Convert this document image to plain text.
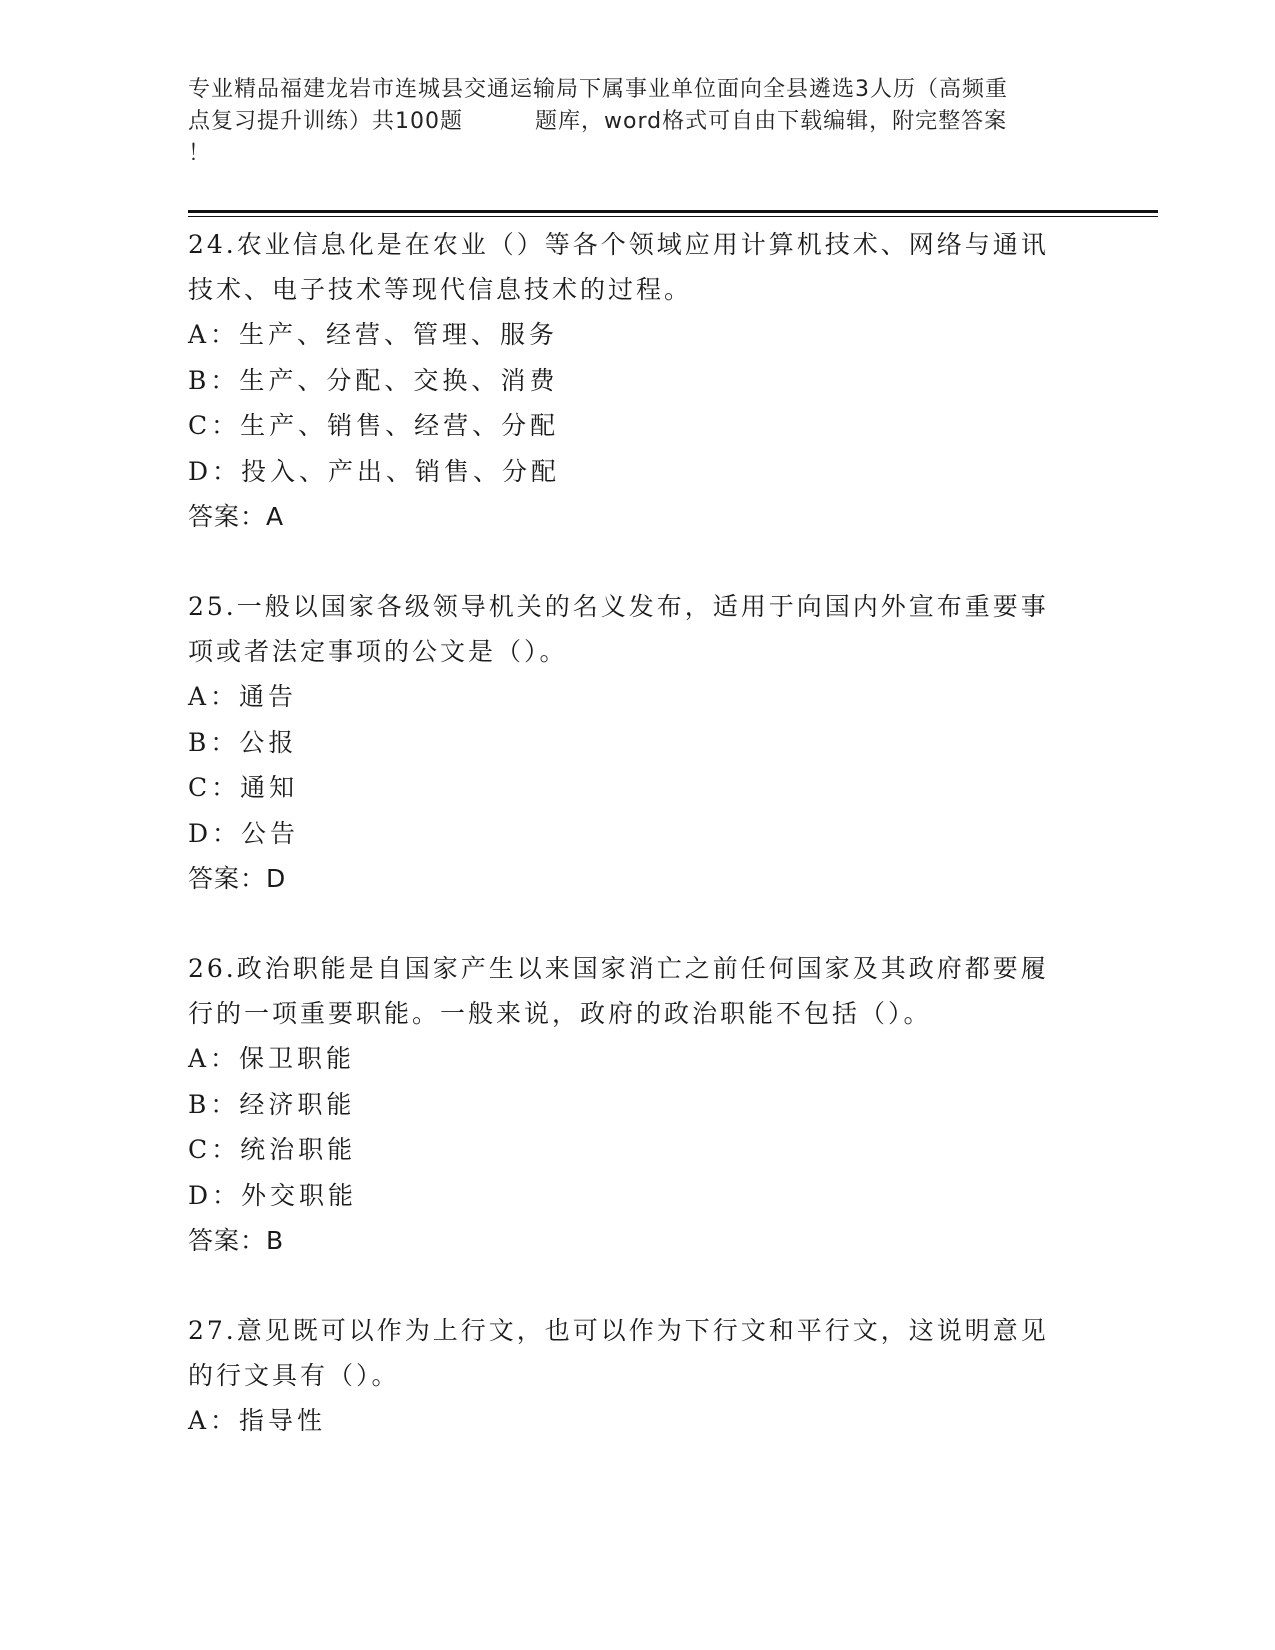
专业精品福建龙岩市连城县交通运输局下属事业单位面向全县遴选3人历（高频重
点复习提升训练）共100题	题库，word格式可自由下载编辑，附完整答案
！

24.农业信息化是在农业（）等各个领域应用计算机技术、网络与通讯

技术、电子技术等现代信息技术的过程。

A：生产、经营、管理、服务

B：生产、分配、交换、消费

C：生产、销售、经营、分配

D：投入、产出、销售、分配

答案：A

25.一般以国家各级领导机关的名义发布，适用于向国内外宣布重要事

项或者法定事项的公文是（）。

A：通告

B：公报

C：通知

D：公告

答案：D

26.政治职能是自国家产生以来国家消亡之前任何国家及其政府都要履

行的一项重要职能。一般来说，政府的政治职能不包括（）。

A：保卫职能

B：经济职能

C：统治职能

D：外交职能

答案：B

27.意见既可以作为上行文，也可以作为下行文和平行文，这说明意见

的行文具有（）。

A：指导性
